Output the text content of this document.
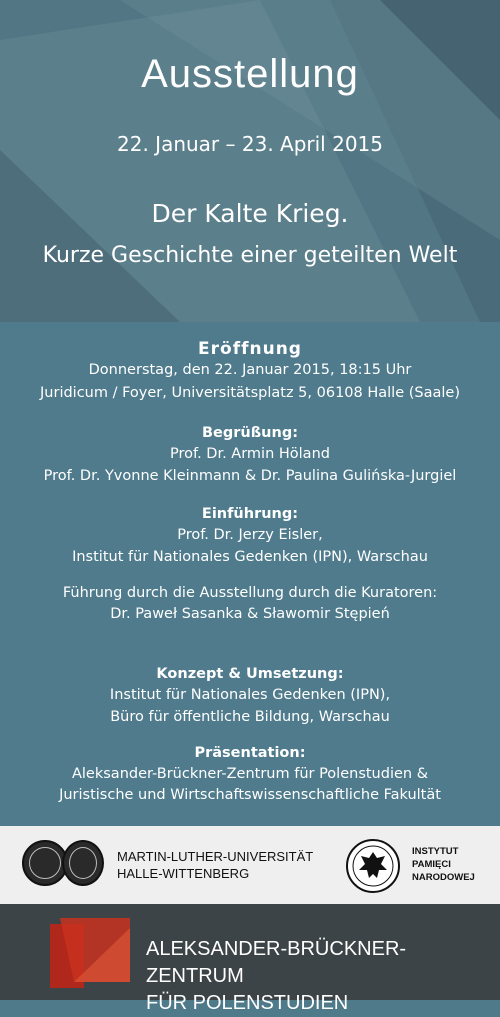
Ausstellung
22. Januar – 23. April 2015
Der Kalte Krieg.
Kurze Geschichte einer geteilten Welt
Eröffnung
Donnerstag, den 22. Januar 2015, 18:15 Uhr
Juridicum / Foyer, Universitätsplatz 5, 06108 Halle (Saale)
Begrüßung:
Prof. Dr. Armin Höland
Prof. Dr. Yvonne Kleinmann & Dr. Paulina Gulińska-Jurgiel
Einführung:
Prof. Dr. Jerzy Eisler,
Institut für Nationales Gedenken (IPN), Warschau
Führung durch die Ausstellung durch die Kuratoren:
Dr. Paweł Sasanka & Sławomir Stępień
Konzept & Umsetzung:
Institut für Nationales Gedenken (IPN),
Büro für öffentliche Bildung, Warschau
Präsentation:
Aleksander-Brückner-Zentrum für Polenstudien &
Juristische und Wirtschaftswissenschaftliche Fakultät
MARTIN-LUTHER-UNIVERSITÄT
HALLE-WITTENBERG
INSTYTUT
PAMIĘCI
NARODOWEJ
ALEKSANDER-BRÜCKNER-ZENTRUM
FÜR POLENSTUDIEN
